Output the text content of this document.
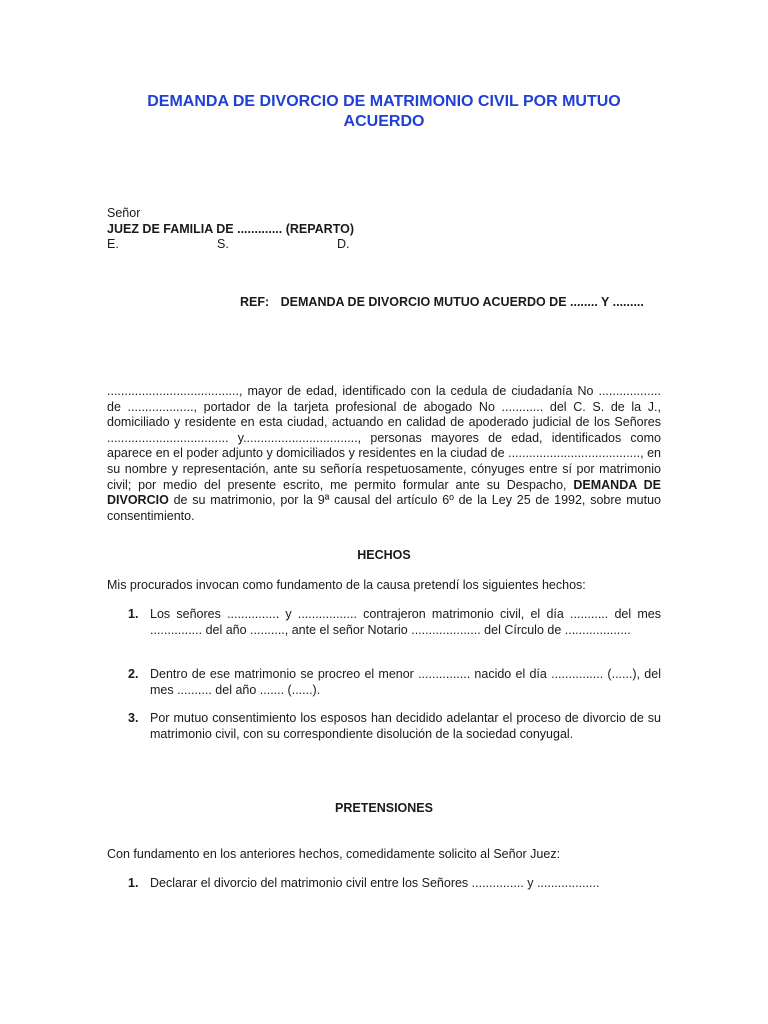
DEMANDA DE DIVORCIO DE MATRIMONIO CIVIL POR MUTUO
ACUERDO
Señor
JUEZ DE FAMILIA DE ............. (REPARTO)
E.	S.	D.
REF: DEMANDA DE DIVORCIO MUTUO ACUERDO DE ........ Y .........

......................................, mayor de edad, identificado con la cedula de ciudadanía No .................. de ..................., portador de la tarjeta profesional de abogado No ............ del C. S. de la J., domiciliado y residente en esta ciudad, actuando en calidad de apoderado judicial de los Señores ................................... y................................., personas mayores de edad, identificados como aparece en el poder adjunto y domiciliados y residentes en la ciudad de ......................................, en su nombre y representación, ante su señoría respetuosamente, cónyuges entre sí por matrimonio civil; por medio del presente escrito, me permito formular ante su Despacho, DEMANDA DE DIVORCIO de su matrimonio, por la 9ª causal del artículo 6º de la Ley 25 de 1992, sobre mutuo consentimiento.

HECHOS

Mis procurados invocan como fundamento de la causa pretendí los siguientes hechos:

1. Los señores ............... y ................. contrajeron matrimonio civil, el día ........... del mes ............... del año .........., ante el señor Notario .................... del Círculo de ...................
2. Dentro de ese matrimonio se procreo el menor ............... nacido el día ............... (......), del mes .......... del año ....... (......).
3. Por mutuo consentimiento los esposos han decidido adelantar el proceso de divorcio de su matrimonio civil, con su correspondiente disolución de la sociedad conyugal.
PRETENSIONES

Con fundamento en los anteriores hechos, comedidamente solicito al Señor Juez:

1. Declarar el divorcio del matrimonio civil entre los Señores ............... y ..................
